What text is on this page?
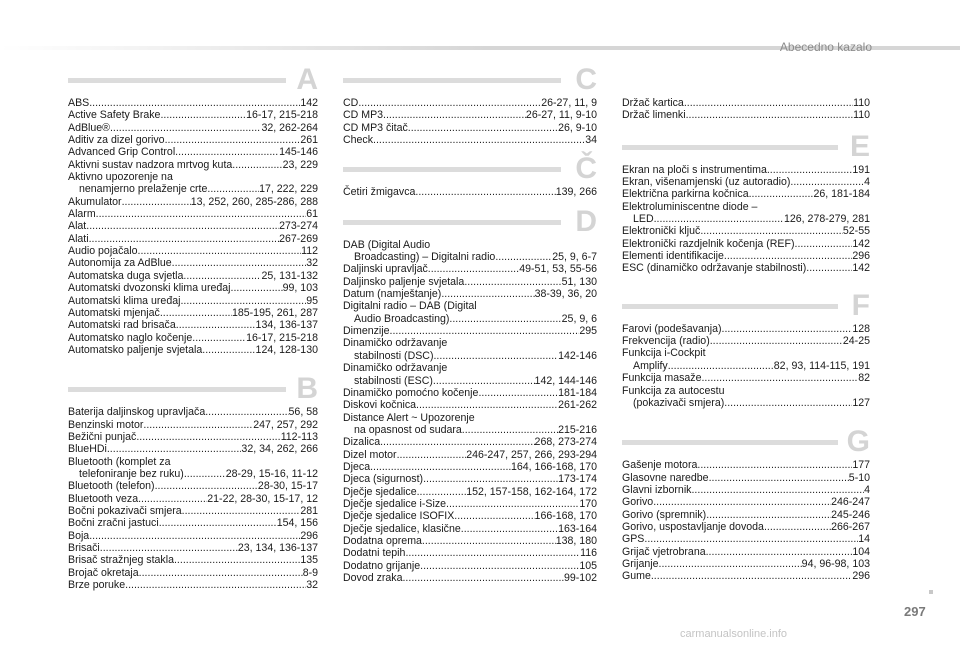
Abecedno kazalo
A
ABS .....	142
Active Safety Brake .....	16-17, 215-218
AdBlue® .....	32, 262-264
Aditiv za dizel gorivo .....	261
Advanced Grip Control .....	145-146
Aktivni sustav nadzora mrtvog kuta .....	23, 229
Aktivno upozorenje na
nenamjerno prelaženje crte .....	17, 222, 229
Akumulator .....	13, 252, 260, 285-286, 288
Alarm .....	61
Alat .....	273-274
Alati .....	267-269
Audio pojačalo .....	112
Autonomija za AdBlue .....	32
Automatska duga svjetla .....	25, 131-132
Automatski dvozonski klima uređaj .....	99, 103
Automatski klima uređaj .....	95
Automatski mjenjač .....	185-195, 261, 287
Automatski rad brisača .....	134, 136-137
Automatsko naglo kočenje .....	16-17, 215-218
Automatsko paljenje svjetala .....	124, 128-130
B
Baterija daljinskog upravljača .....	56, 58
Benzinski motor .....	247, 257, 292
Bežični punjač .....	112-113
BlueHDi .....	32, 34, 262, 266
Bluetooth (komplet za
telefoniranje bez ruku) .....	28-29, 15-16, 11-12
Bluetooth (telefon) .....	28-30, 15-17
Bluetooth veza .....	21-22, 28-30, 15-17, 12
Bočni pokazivači smjera .....	281
Bočni zračni jastuci .....	154, 156
Boja .....	296
Brisači .....	23, 134, 136-137
Brisač stražnjeg stakla .....	135
Brojač okretaja .....	8-9
Brze poruke .....	32
C
CD .....	26-27, 11, 9
CD MP3 .....	26-27, 11, 9-10
CD MP3 čitač .....	26, 9-10
Check .....	34
Č
Četiri žmigavca .....	139, 266
D
DAB (Digital Audio
Broadcasting) – Digitalni radio .....	25, 9, 6-7
Daljinski upravljač .....	49-51, 53, 55-56
Daljinsko paljenje svjetala .....	51, 130
Datum (namještanje) .....	38-39, 36, 20
Digitalni radio – DAB (Digital
Audio Broadcasting) .....	25, 9, 6
Dimenzije .....	295
Dinamičko održavanje
stabilnosti (DSC) .....	142-146
Dinamičko održavanje
stabilnosti (ESC) .....	142, 144-146
Dinamičko pomoćno kočenje .....	181-184
Diskovi kočnica .....	261-262
Distance Alert ~ Upozorenje
na opasnost od sudara .....	215-216
Dizalica .....	268, 273-274
Dizel motor .....	246-247, 257, 266, 293-294
Djeca .....	164, 166-168, 170
Djeca (sigurnost) .....	173-174
Dječje sjedalice .....	152, 157-158, 162-164, 172
Dječje sjedalice i-Size .....	170
Dječje sjedalice ISOFIX .....	166-168, 170
Dječje sjedalice, klasične .....	163-164
Dodatna oprema .....	138, 180
Dodatni tepih .....	116
Dodatno grijanje .....	105
Dovod zraka .....	99-102
Držač kartica .....	110
Držač limenki .....	110
E
Ekran na ploči s instrumentima .....	191
Ekran, višenamjenski (uz autoradio) .....	4
Električna parkirna kočnica .....	26, 181-184
Elektroluminiscentne diode –
LED .....	126, 278-279, 281
Elektronički ključ .....	52-55
Elektronički razdjelnik kočenja (REF) .....	142
Elementi identifikacije .....	296
ESC (dinamičko održavanje stabilnosti) .....	142
F
Farovi (podešavanja) .....	128
Frekvencija (radio) .....	24-25
Funkcija i-Cockpit
Amplify .....	82, 93, 114-115, 191
Funkcija masaže .....	82
Funkcija za autocestu
(pokazivači smjera) .....	127
G
Gašenje motora .....	177
Glasovne naredbe .....	5-10
Glavni izbornik .....	4
Gorivo .....	246-247
Gorivo (spremnik) .....	245-246
Gorivo, uspostavljanje dovoda .....	266-267
GPS .....	14
Grijač vjetrobrana .....	104
Grijanje .....	94, 96-98, 103
Gume .....	296
297
carmanualsonline.info
